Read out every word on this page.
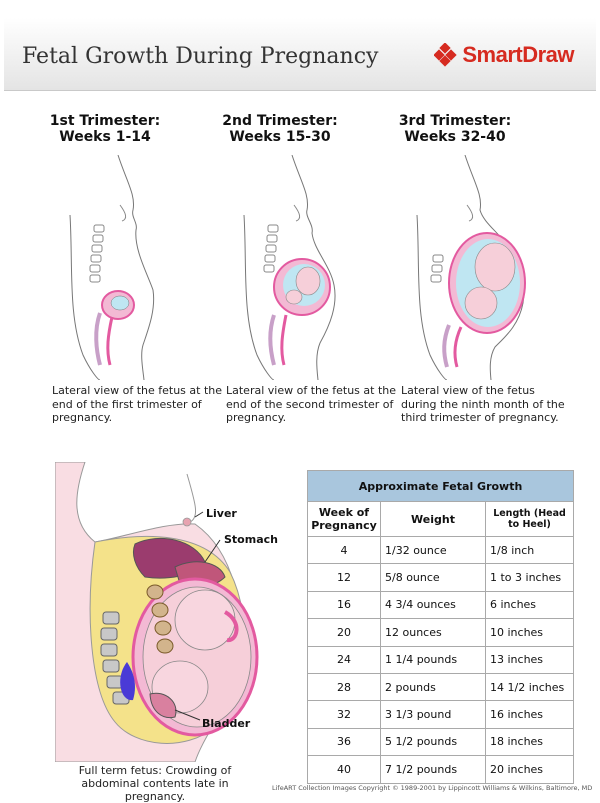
Fetal Growth During Pregnancy	SmartDraw
1st Trimester:
Weeks 1-14
2nd Trimester:
Weeks 15-30
3rd Trimester:
Weeks 32-40
Lateral view of the fetus at the end of the first trimester of pregnancy.
Lateral view of the fetus at the end of the second trimester of pregnancy.
Lateral view of the fetus during the ninth month of the third trimester of pregnancy.
Liver
Stomach
Bladder
Full term fetus: Crowding of abdominal contents late in pregnancy.
Approximate Fetal Growth		
Week of Pregnancy	Weight	Length (Head to Heel)
4	1/32 ounce	1/8 inch
12	5/8 ounce	1 to 3 inches
16	4 3/4 ounces	6 inches
20	12 ounces	10 inches
24	1 1/4 pounds	13 inches
28	2 pounds	14 1/2 inches
32	3 1/3 pound	16 inches
36	5 1/2 pounds	18 inches
40	7 1/2 pounds	20 inches
LifeART Collection Images Copyright © 1989-2001 by Lippincott Williams & Wilkins, Baltimore, MD
